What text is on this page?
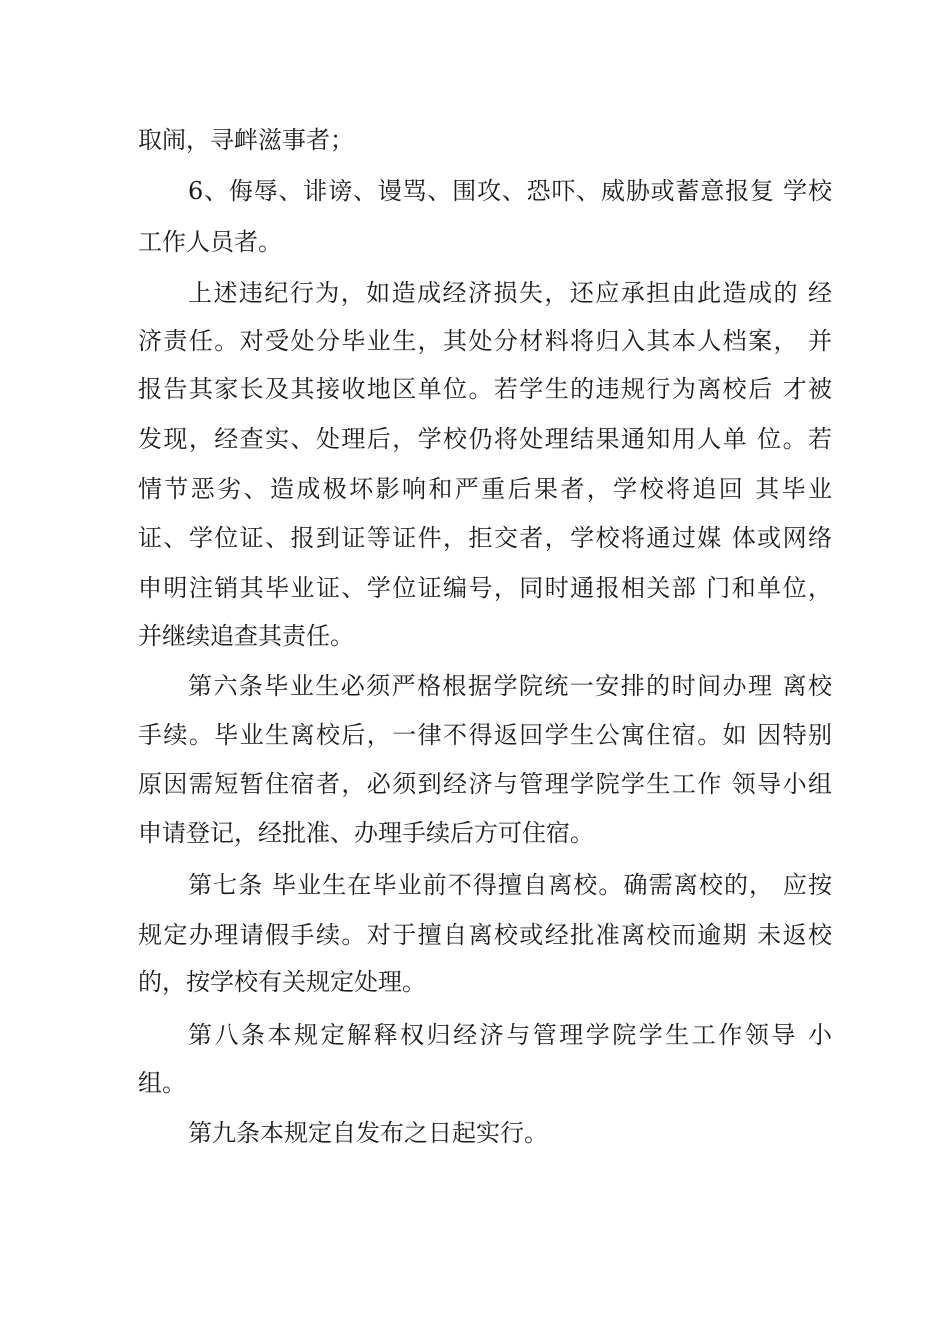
取闹，寻衅滋事者；
6、侮辱、诽谤、谩骂、围攻、恐吓、威胁或蓄意报复 学校
工作人员者。
上述违纪行为，如造成经济损失，还应承担由此造成的 经
济责任。对受处分毕业生，其处分材料将归入其本人档案， 并
报告其家长及其接收地区单位。若学生的违规行为离校后 才被
发现，经查实、处理后，学校仍将处理结果通知用人单 位。若
情节恶劣、造成极坏影响和严重后果者，学校将追回 其毕业
证、学位证、报到证等证件，拒交者，学校将通过媒 体或网络
申明注销其毕业证、学位证编号，同时通报相关部 门和单位，
并继续追查其责任。
第六条毕业生必须严格根据学院统一安排的时间办理 离校
手续。毕业生离校后，一律不得返回学生公寓住宿。如 因特别
原因需短暂住宿者，必须到经济与管理学院学生工作 领导小组
申请登记，经批准、办理手续后方可住宿。
第七条 毕业生在毕业前不得擅自离校。确需离校的， 应按
规定办理请假手续。对于擅自离校或经批准离校而逾期 未返校
的，按学校有关规定处理。
第八条本规定解释权归经济与管理学院学生工作领导 小
组。
第九条本规定自发布之日起实行。
